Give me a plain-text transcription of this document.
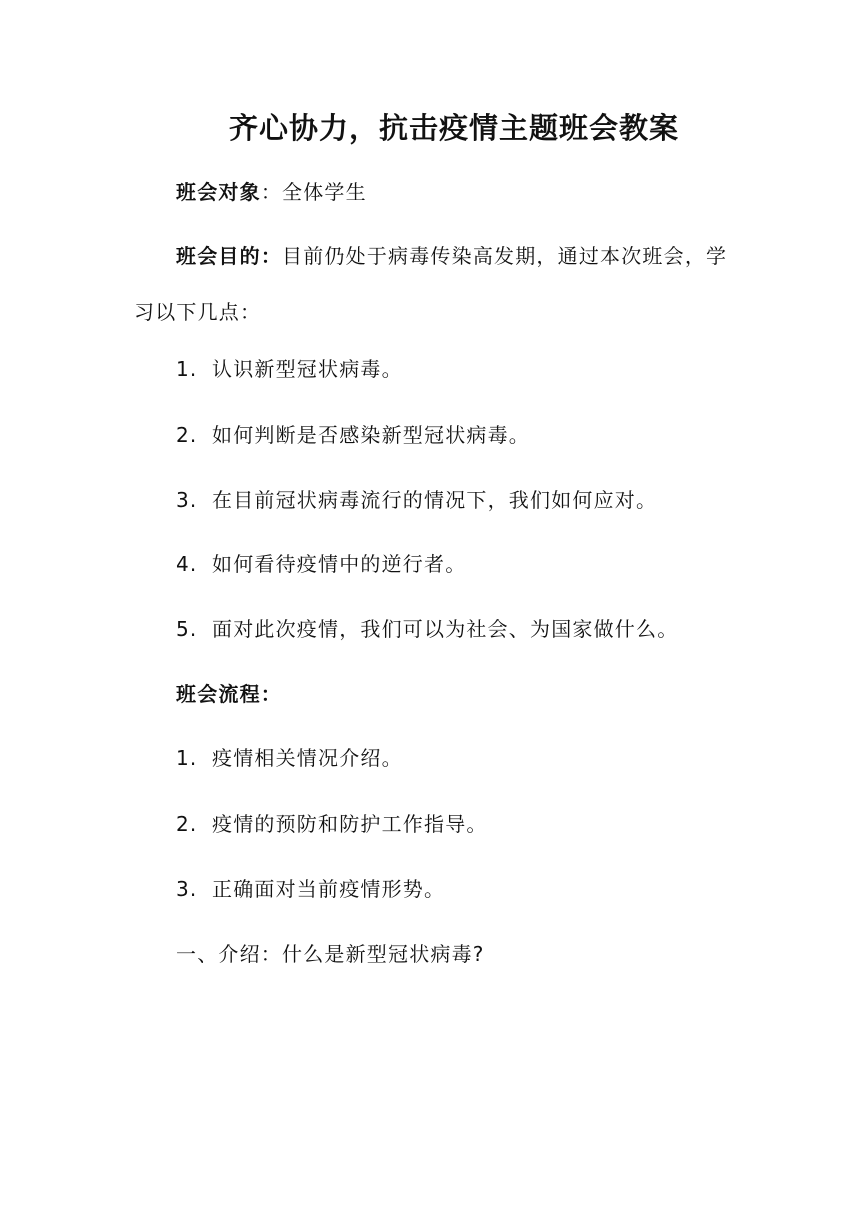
齐心协力，抗击疫情主题班会教案
班会对象：全体学生
班会目的：目前仍处于病毒传染高发期，通过本次班会，学习以下几点：
1. 认识新型冠状病毒。
2. 如何判断是否感染新型冠状病毒。
3. 在目前冠状病毒流行的情况下，我们如何应对。
4. 如何看待疫情中的逆行者。
5. 面对此次疫情，我们可以为社会、为国家做什么。
班会流程：
1. 疫情相关情况介绍。
2. 疫情的预防和防护工作指导。
3. 正确面对当前疫情形势。
一、介绍：什么是新型冠状病毒?
